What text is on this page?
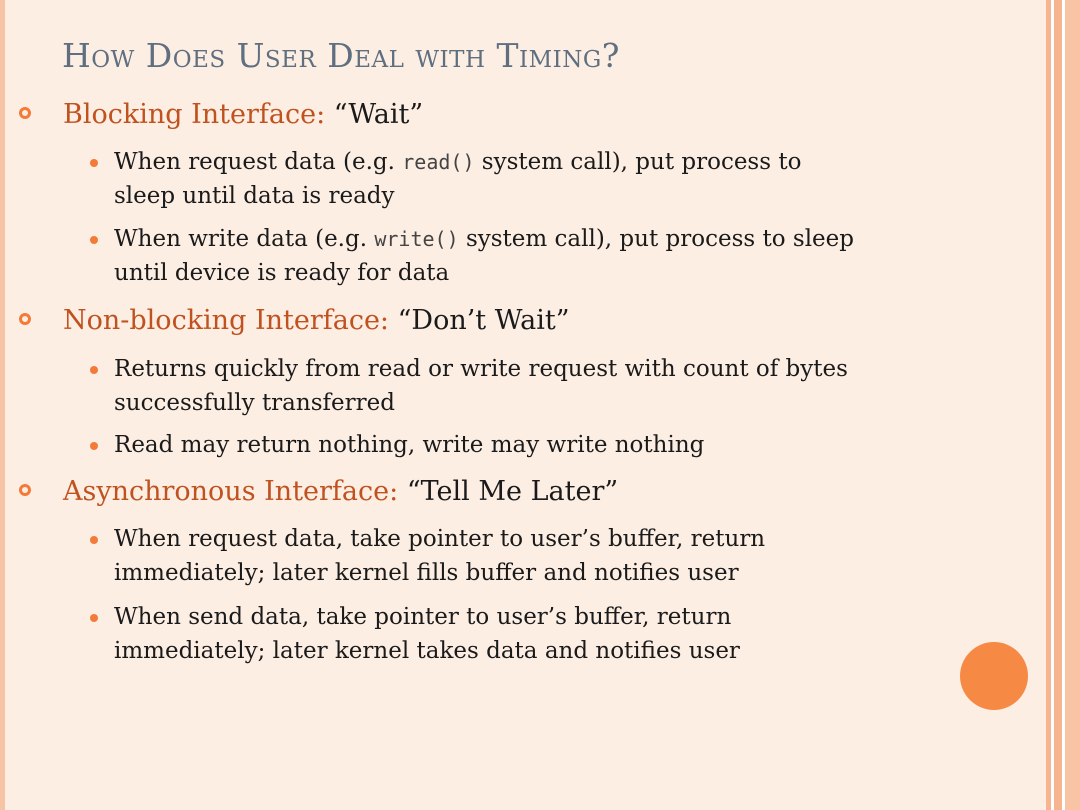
How Does User Deal with Timing?
Blocking Interface: “Wait”
When request data (e.g. read() system call), put process to
sleep until data is ready
When write data (e.g. write() system call), put process to sleep
until device is ready for data
Non-blocking Interface: “Don’t Wait”
Returns quickly from read or write request with count of bytes
successfully transferred
Read may return nothing, write may write nothing
Asynchronous Interface: “Tell Me Later”
When request data, take pointer to user’s buffer, return
immediately; later kernel fills buffer and notifies user
When send data, take pointer to user’s buffer, return
immediately; later kernel takes data and notifies user
